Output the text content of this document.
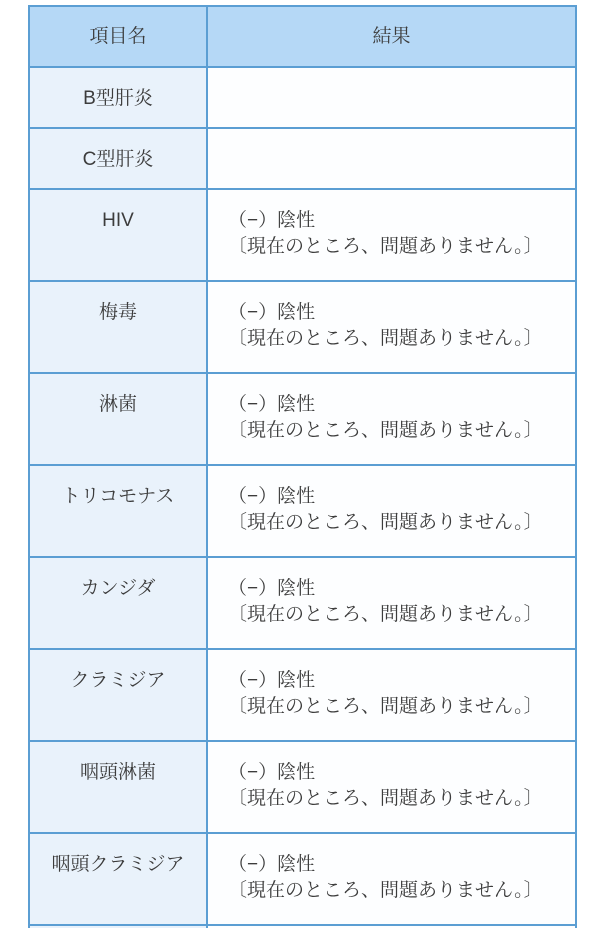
項目名	結果
B型肝炎	
C型肝炎	
HIV	（−）陰性
〔現在のところ、問題ありません。〕

梅毒	（−）陰性
〔現在のところ、問題ありません。〕

淋菌	（−）陰性
〔現在のところ、問題ありません。〕

トリコモナス	（−）陰性
〔現在のところ、問題ありません。〕

カンジダ	（−）陰性
〔現在のところ、問題ありません。〕

クラミジア	（−）陰性
〔現在のところ、問題ありません。〕

咽頭淋菌	（−）陰性
〔現在のところ、問題ありません。〕

咽頭クラミジア	（−）陰性
〔現在のところ、問題ありません。〕
